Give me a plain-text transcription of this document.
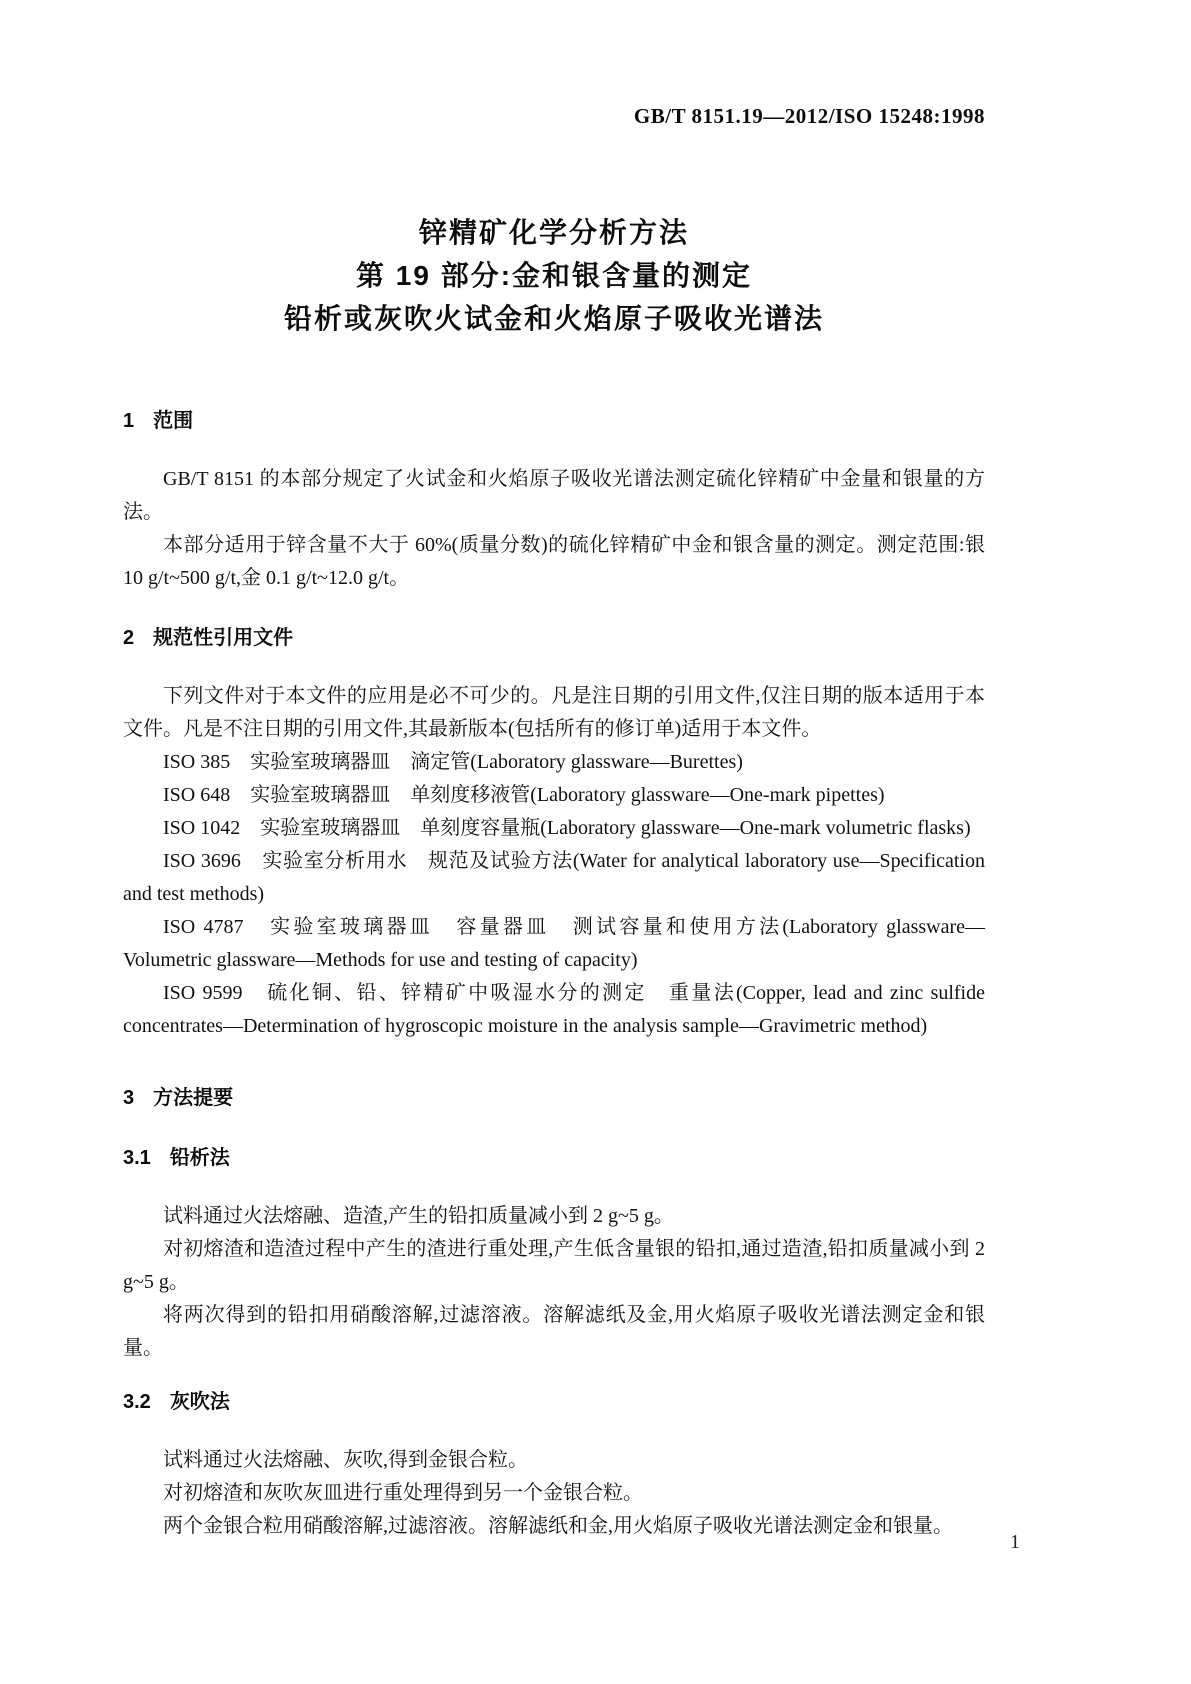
GB/T 8151.19—2012/ISO 15248:1998
锌精矿化学分析方法
第 19 部分:金和银含量的测定
铅析或灰吹火试金和火焰原子吸收光谱法
1 范围

GB/T 8151 的本部分规定了火试金和火焰原子吸收光谱法测定硫化锌精矿中金量和银量的方法。

本部分适用于锌含量不大于 60%(质量分数)的硫化锌精矿中金和银含量的测定。测定范围:银 10 g/t~500 g/t,金 0.1 g/t~12.0 g/t。

2 规范性引用文件

下列文件对于本文件的应用是必不可少的。凡是注日期的引用文件,仅注日期的版本适用于本文件。凡是不注日期的引用文件,其最新版本(包括所有的修订单)适用于本文件。

ISO 385　实验室玻璃器皿　滴定管(Laboratory glassware—Burettes)

ISO 648　实验室玻璃器皿　单刻度移液管(Laboratory glassware—One-mark pipettes)

ISO 1042　实验室玻璃器皿　单刻度容量瓶(Laboratory glassware—One-mark volumetric flasks)

ISO 3696　实验室分析用水　规范及试验方法(Water for analytical laboratory use—Specification and test methods)

ISO 4787　实验室玻璃器皿　容量器皿　测试容量和使用方法(Laboratory glassware—Volumetric glassware—Methods for use and testing of capacity)

ISO 9599　硫化铜、铅、锌精矿中吸湿水分的测定　重量法(Copper, lead and zinc sulfide concentrates—Determination of hygroscopic moisture in the analysis sample—Gravimetric method)

3 方法提要
3.1 铅析法

试料通过火法熔融、造渣,产生的铅扣质量减小到 2 g~5 g。

对初熔渣和造渣过程中产生的渣进行重处理,产生低含量银的铅扣,通过造渣,铅扣质量减小到 2 g~5 g。

将两次得到的铅扣用硝酸溶解,过滤溶液。溶解滤纸及金,用火焰原子吸收光谱法测定金和银量。

3.2 灰吹法

试料通过火法熔融、灰吹,得到金银合粒。

对初熔渣和灰吹灰皿进行重处理得到另一个金银合粒。

两个金银合粒用硝酸溶解,过滤溶液。溶解滤纸和金,用火焰原子吸收光谱法测定金和银量。

1
